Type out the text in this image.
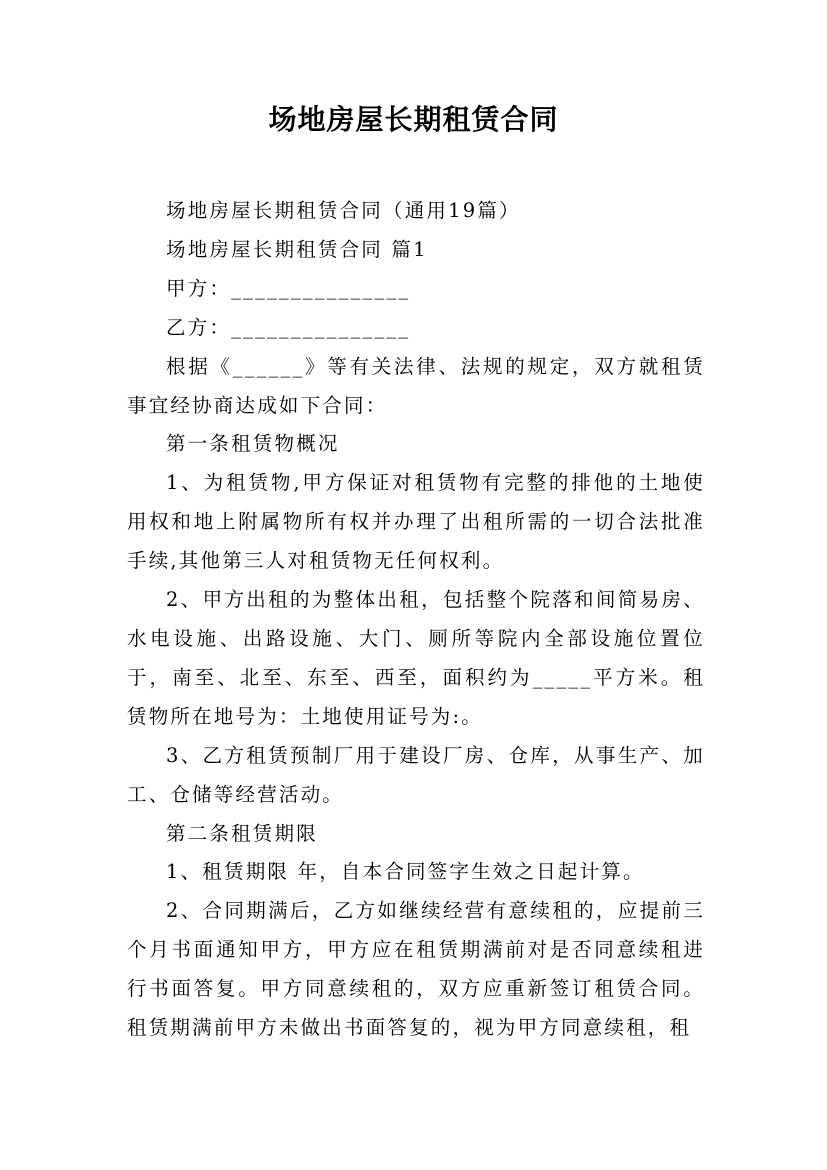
场地房屋长期租赁合同

场地房屋长期租赁合同（通用19篇）

场地房屋长期租赁合同 篇1

甲方：_______________

乙方：_______________

根据《______》等有关法律、法规的规定，双方就租赁事宜经协商达成如下合同：

第一条租赁物概况

1、为租赁物,甲方保证对租赁物有完整的排他的土地使用权和地上附属物所有权并办理了出租所需的一切合法批准手续,其他第三人对租赁物无任何权利。

2、甲方出租的为整体出租，包括整个院落和间简易房、水电设施、出路设施、大门、厕所等院内全部设施位置位于，南至、北至、东至、西至，面积约为_____平方米。租赁物所在地号为：土地使用证号为:。

3、乙方租赁预制厂用于建设厂房、仓库，从事生产、加工、仓储等经营活动。

第二条租赁期限

1、租赁期限 年，自本合同签字生效之日起计算。

2、合同期满后，乙方如继续经营有意续租的，应提前三个月书面通知甲方，甲方应在租赁期满前对是否同意续租进行书面答复。甲方同意续租的，双方应重新签订租赁合同。租赁期满前甲方未做出书面答复的，视为甲方同意续租，租
